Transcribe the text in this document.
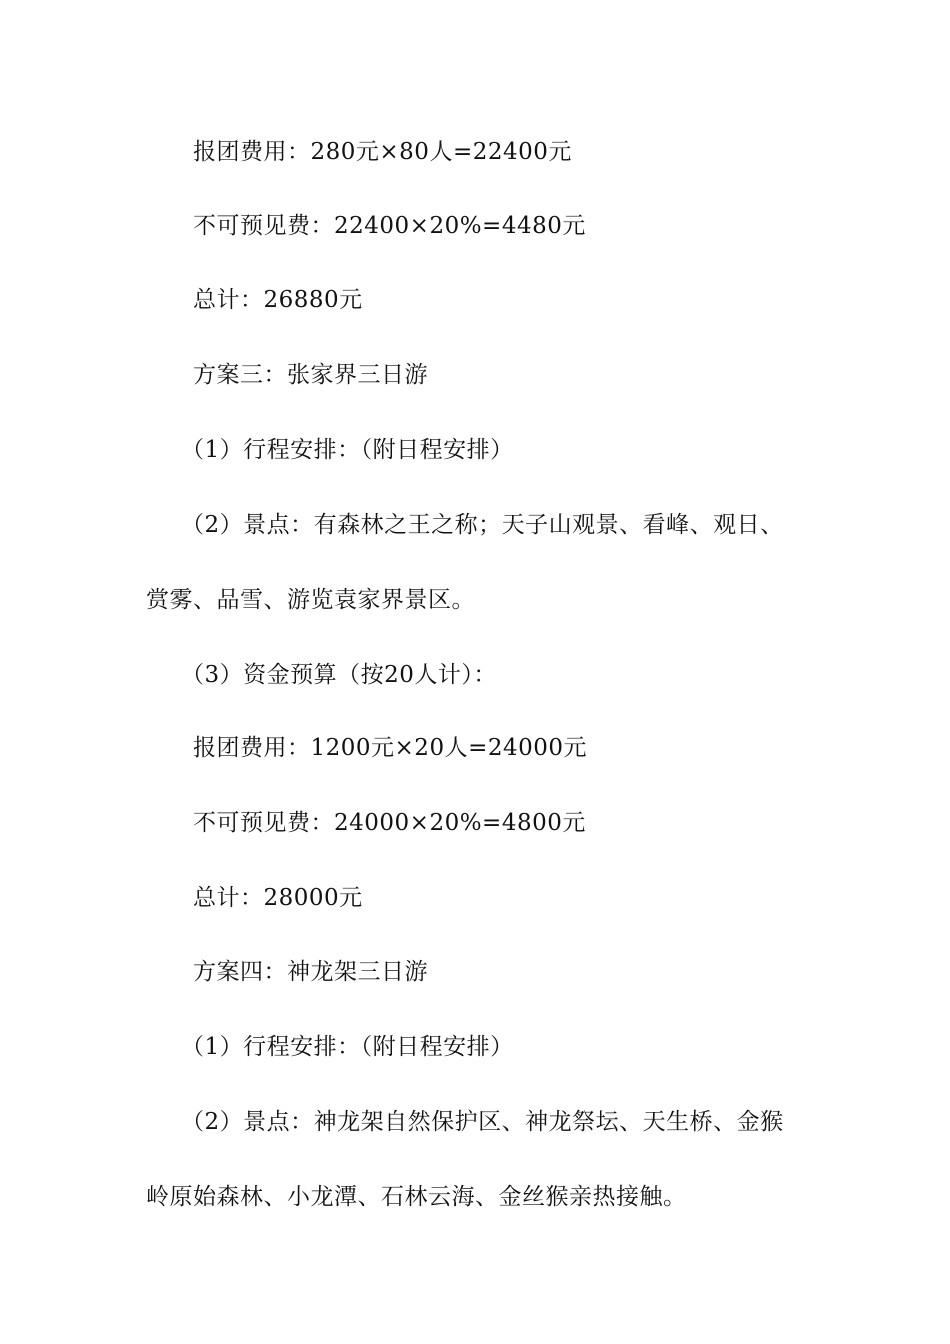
报团费用：280元×80人=22400元
不可预见费：22400×20%=4480元
总计：26880元
方案三：张家界三日游
（1）行程安排：（附日程安排）
（2）景点：有森林之王之称；天子山观景、看峰、观日、
赏雾、品雪、游览袁家界景区。
（3）资金预算（按20人计）：
报团费用：1200元×20人=24000元
不可预见费：24000×20%=4800元
总计：28000元
方案四：神龙架三日游
（1）行程安排：（附日程安排）
（2）景点：神龙架自然保护区、神龙祭坛、天生桥、金猴
岭原始森林、小龙潭、石林云海、金丝猴亲热接触。
